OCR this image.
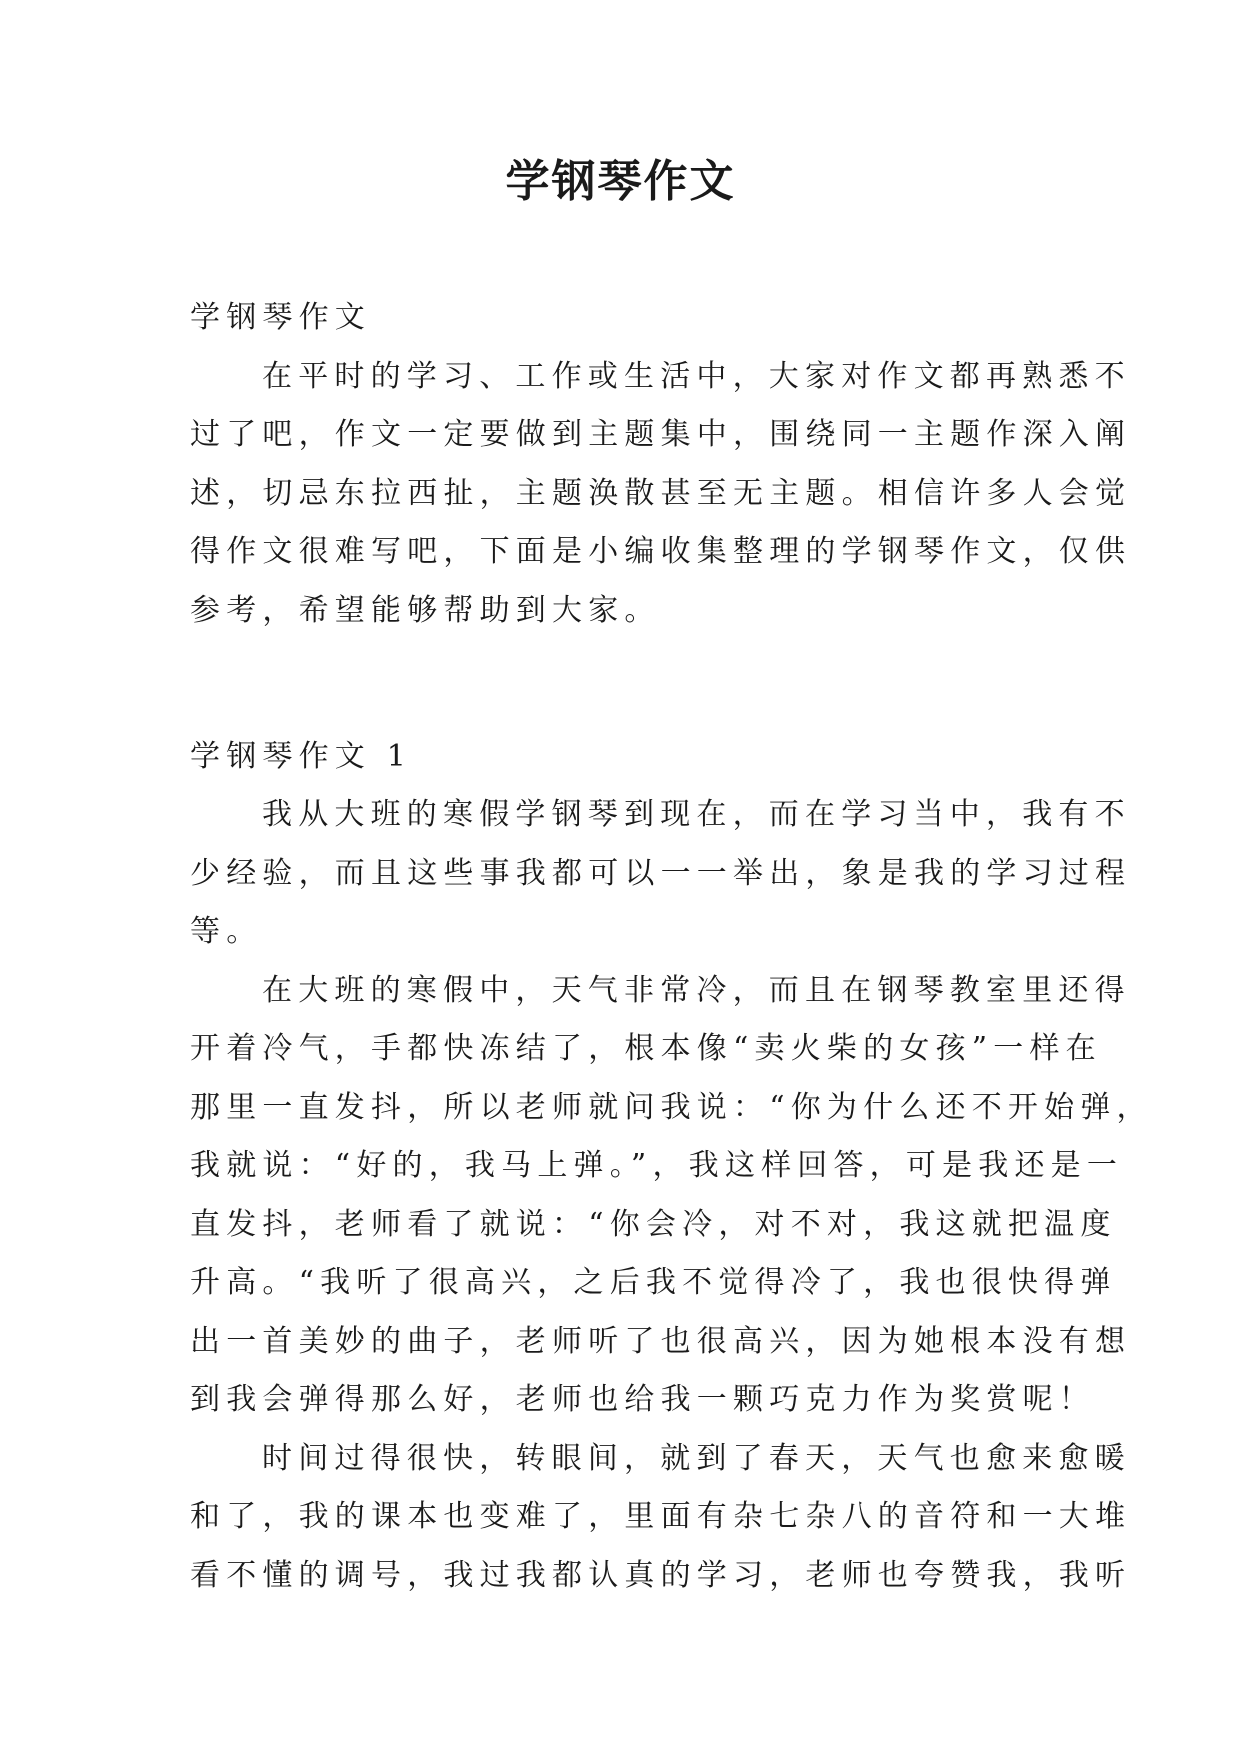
学钢琴作文
学钢琴作文
在平时的学习、工作或生活中，大家对作文都再熟悉不
过了吧，作文一定要做到主题集中，围绕同一主题作深入阐
述，切忌东拉西扯，主题涣散甚至无主题。相信许多人会觉
得作文很难写吧，下面是小编收集整理的学钢琴作文，仅供
参考，希望能够帮助到大家。
学钢琴作文 1
我从大班的寒假学钢琴到现在，而在学习当中，我有不
少经验，而且这些事我都可以一一举出，象是我的学习过程
等。
在大班的寒假中，天气非常冷，而且在钢琴教室里还得
开着冷气，手都快冻结了，根本像“卖火柴的女孩”一样在
那里一直发抖，所以老师就问我说：“你为什么还不开始弹，
我就说：“好的，我马上弹。”，我这样回答，可是我还是一
直发抖，老师看了就说：“你会冷，对不对，我这就把温度
升高。“我听了很高兴，之后我不觉得冷了，我也很快得弹
出一首美妙的曲子，老师听了也很高兴，因为她根本没有想
到我会弹得那么好，老师也给我一颗巧克力作为奖赏呢！
时间过得很快，转眼间，就到了春天，天气也愈来愈暖
和了，我的课本也变难了，里面有杂七杂八的音符和一大堆
看不懂的调号，我过我都认真的学习，老师也夸赞我，我听
